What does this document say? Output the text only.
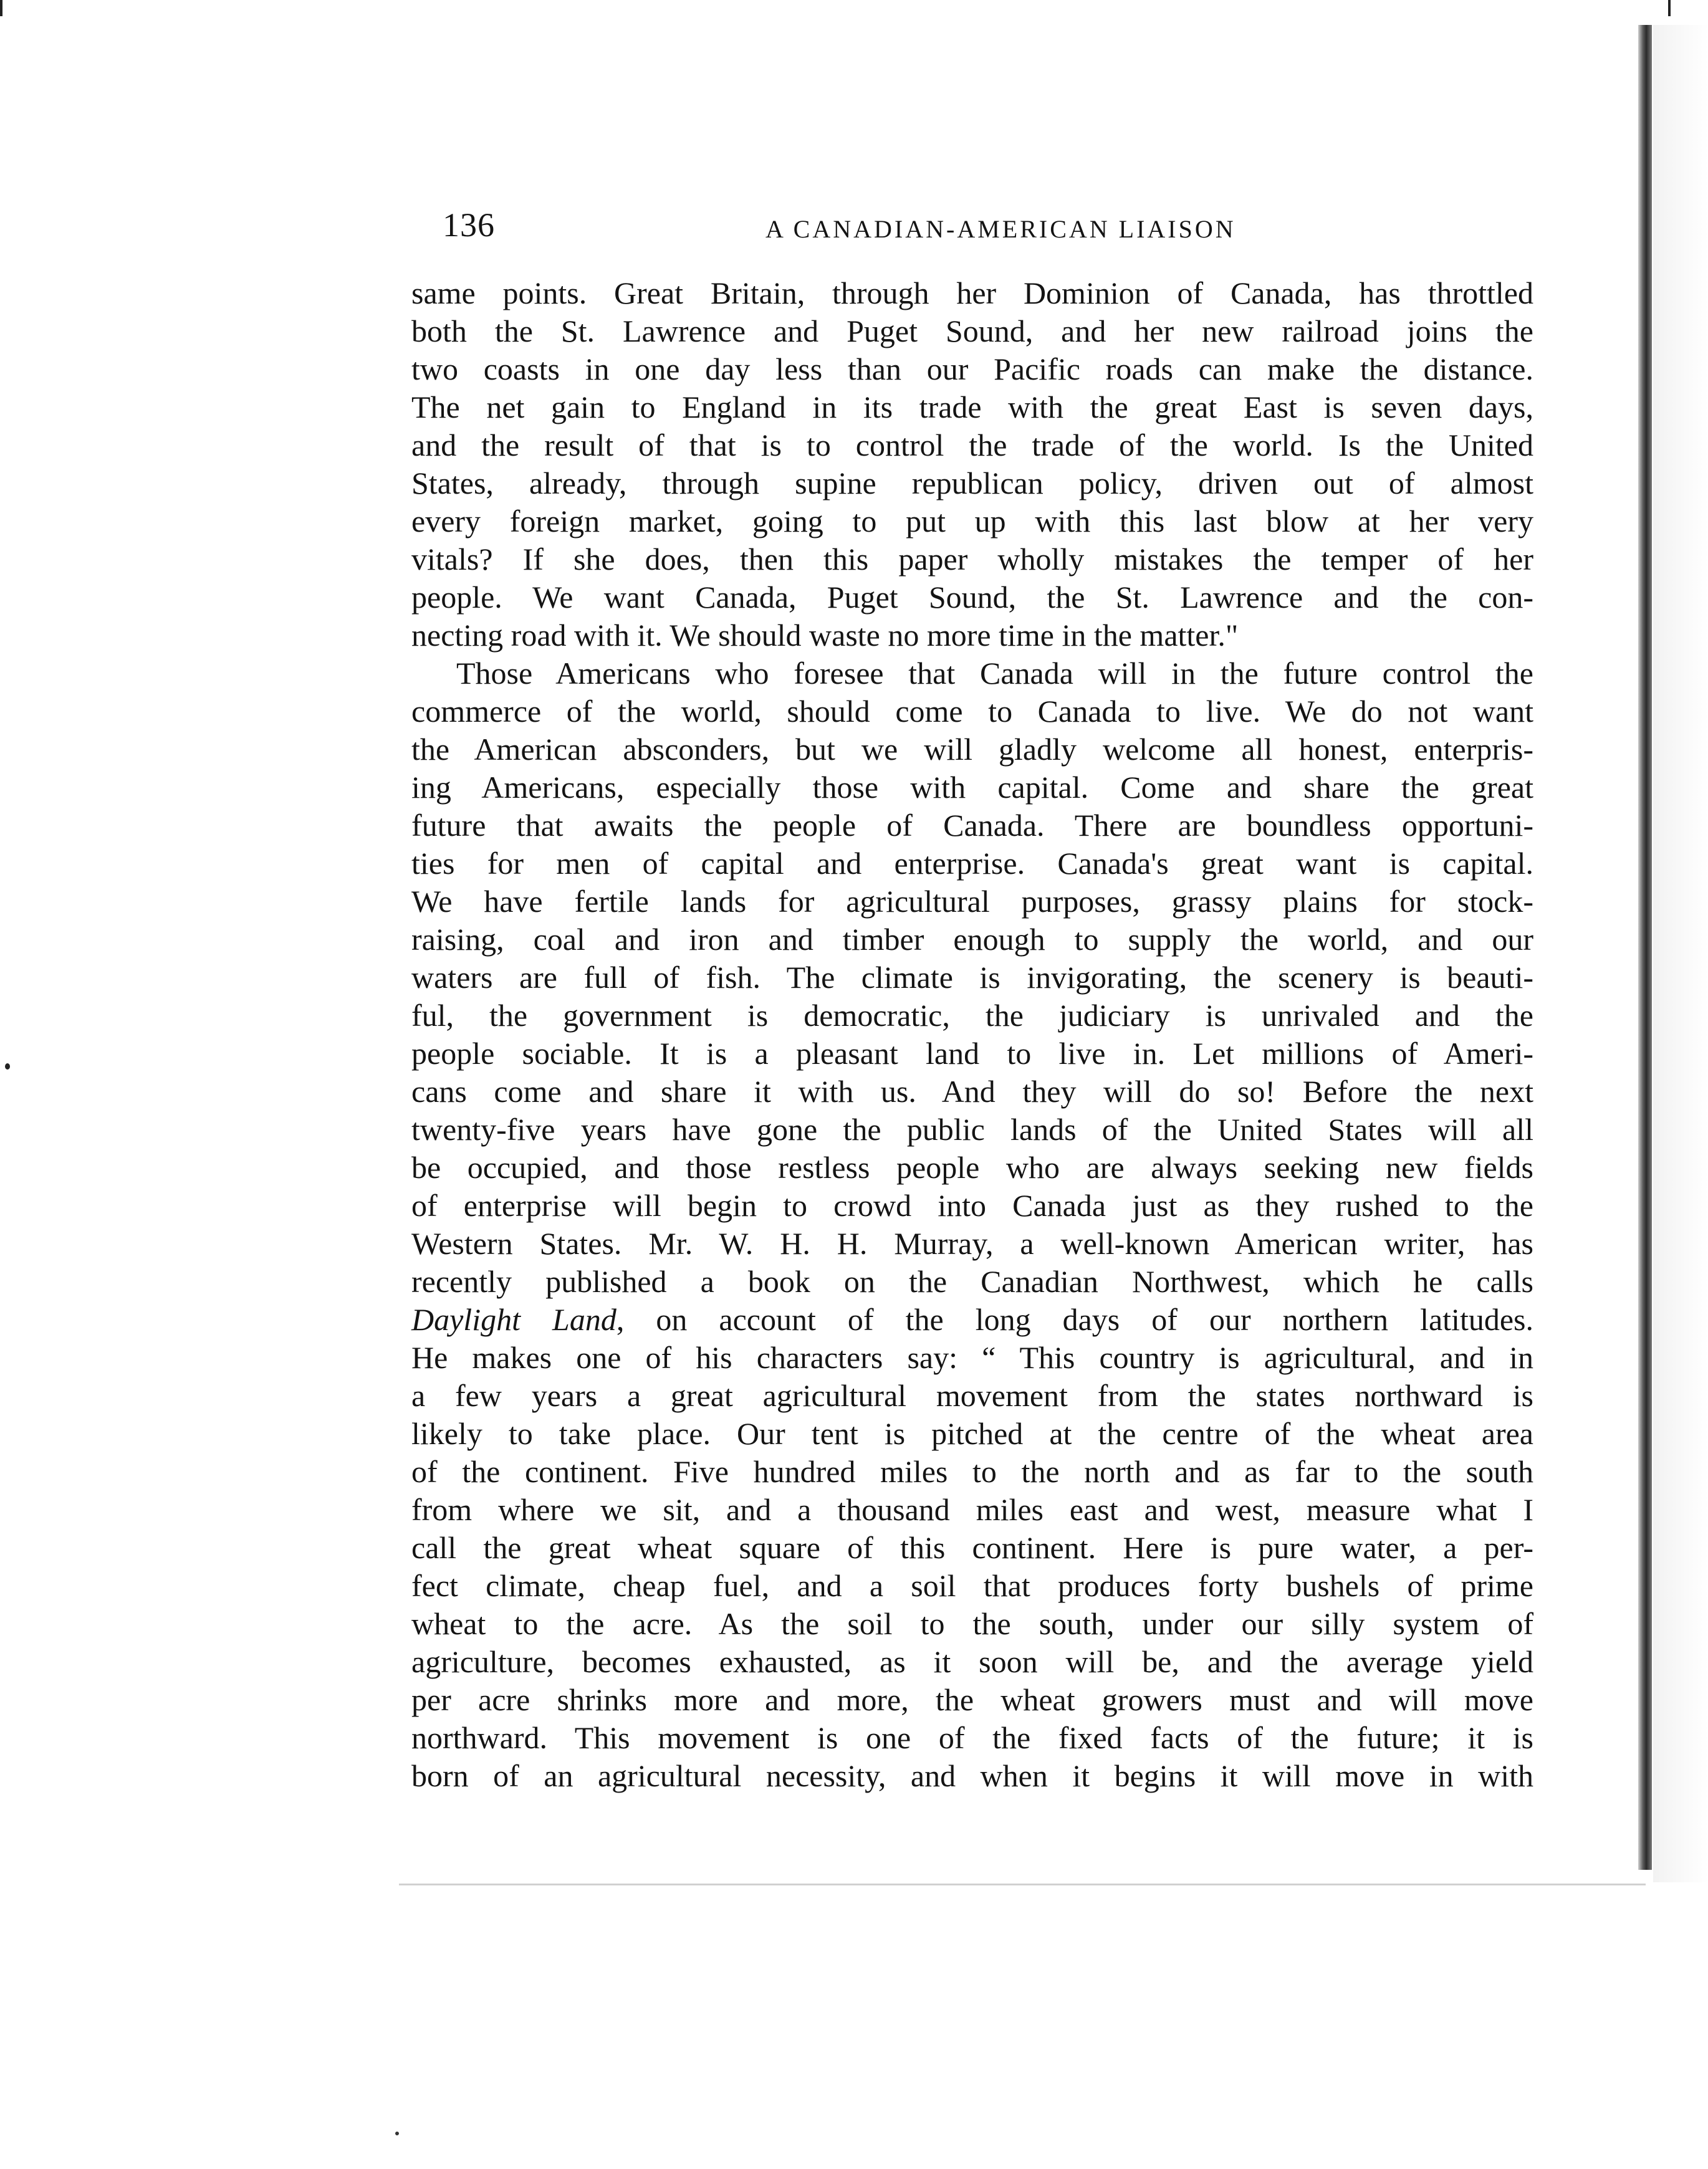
136	A CANADIAN-AMERICAN LIAISON
same points. Great Britain, through her Dominion of Canada, has throttled
both the St. Lawrence and Puget Sound, and her new railroad joins the
two coasts in one day less than our Pacific roads can make the distance.
The net gain to England in its trade with the great East is seven days,
and the result of that is to control the trade of the world. Is the United
States, already, through supine republican policy, driven out of almost
every foreign market, going to put up with this last blow at her very
vitals? If she does, then this paper wholly mistakes the temper of her
people. We want Canada, Puget Sound, the St. Lawrence and the con-
necting road with it. We should waste no more time in the matter."
Those Americans who foresee that Canada will in the future control the
commerce of the world, should come to Canada to live. We do not want
the American absconders, but we will gladly welcome all honest, enterpris-
ing Americans, especially those with capital. Come and share the great
future that awaits the people of Canada. There are boundless opportuni-
ties for men of capital and enterprise. Canada's great want is capital.
We have fertile lands for agricultural purposes, grassy plains for stock-
raising, coal and iron and timber enough to supply the world, and our
waters are full of fish. The climate is invigorating, the scenery is beauti-
ful, the government is democratic, the judiciary is unrivaled and the
people sociable. It is a pleasant land to live in. Let millions of Ameri-
cans come and share it with us. And they will do so! Before the next
twenty-five years have gone the public lands of the United States will all
be occupied, and those restless people who are always seeking new fields
of enterprise will begin to crowd into Canada just as they rushed to the
Western States. Mr. W. H. H. Murray, a well-known American writer, has
recently published a book on the Canadian Northwest, which he calls
Daylight Land, on account of the long days of our northern latitudes.
He makes one of his characters say: “ This country is agricultural, and in
a few years a great agricultural movement from the states northward is
likely to take place. Our tent is pitched at the centre of the wheat area
of the continent. Five hundred miles to the north and as far to the south
from where we sit, and a thousand miles east and west, measure what I
call the great wheat square of this continent. Here is pure water, a per-
fect climate, cheap fuel, and a soil that produces forty bushels of prime
wheat to the acre. As the soil to the south, under our silly system of
agriculture, becomes exhausted, as it soon will be, and the average yield
per acre shrinks more and more, the wheat growers must and will move
northward. This movement is one of the fixed facts of the future; it is
born of an agricultural necessity, and when it begins it will move in with
